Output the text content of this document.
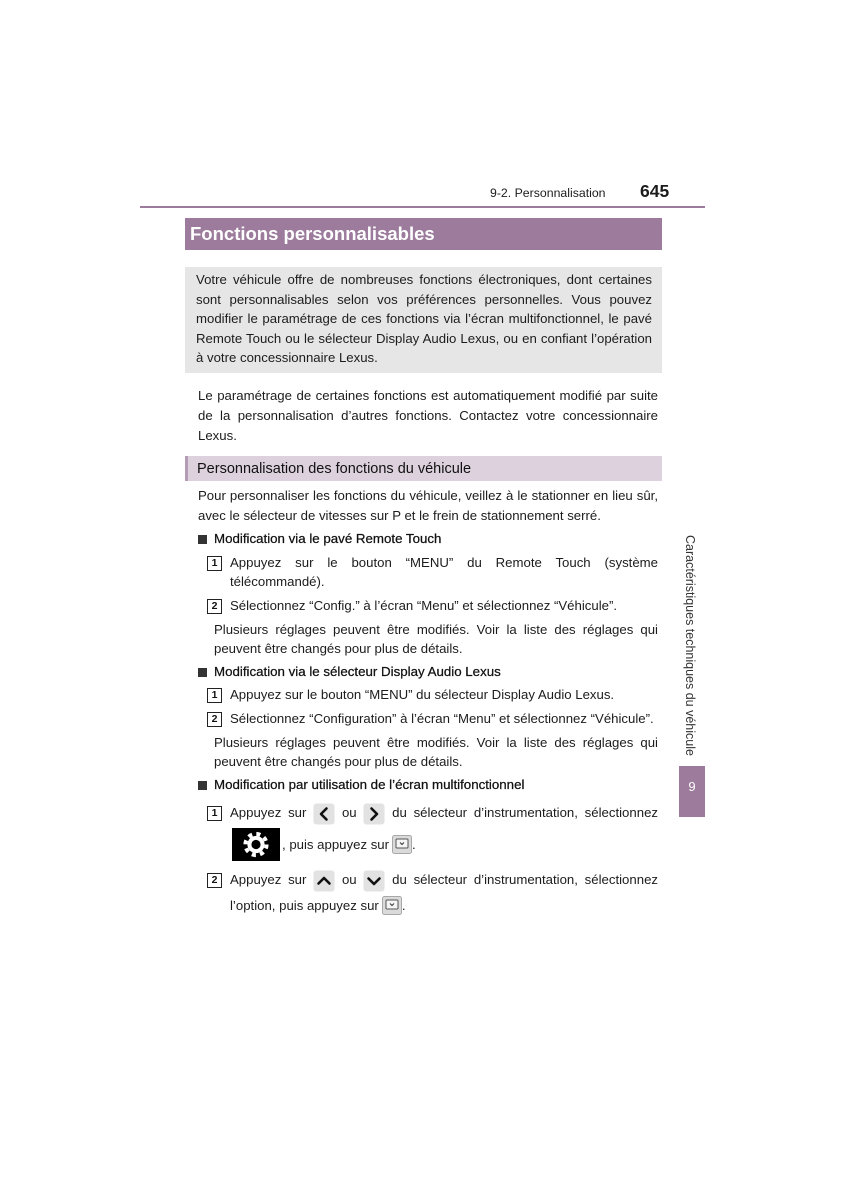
9-2. Personnalisation 645
Fonctions personnalisables
Votre véhicule offre de nombreuses fonctions électroniques, dont certaines
sont personnalisables selon vos préférences personnelles. Vous pouvez
modifier le paramétrage de ces fonctions via l’écran multifonctionnel, le pavé
Remote Touch ou le sélecteur Display Audio Lexus, ou en confiant l’opération
à votre concessionnaire Lexus.
Le paramétrage de certaines fonctions est automatiquement modifié par suite
de la personnalisation d’autres fonctions. Contactez votre concessionnaire
Lexus.
Personnalisation des fonctions du véhicule
Pour personnaliser les fonctions du véhicule, veillez à le stationner en lieu sûr,
avec le sélecteur de vitesses sur P et le frein de stationnement serré.
Modification via le pavé Remote Touch
1 Appuyez sur le bouton “MENU” du Remote Touch (système
télécommandé).
2 Sélectionnez “Config.” à l’écran “Menu” et sélectionnez “Véhicule”.
Plusieurs réglages peuvent être modifiés. Voir la liste des réglages qui
peuvent être changés pour plus de détails.
Modification via le sélecteur Display Audio Lexus
1 Appuyez sur le bouton “MENU” du sélecteur Display Audio Lexus.
2 Sélectionnez “Configuration” à l’écran “Menu” et sélectionnez “Véhicule”.
Plusieurs réglages peuvent être modifiés. Voir la liste des réglages qui
peuvent être changés pour plus de détails.
Modification par utilisation de l’écran multifonctionnel
1 Appuyez sur	ou	du sélecteur d’instrumentation, sélectionnez
, puis appuyez sur .
2 Appuyez sur	ou	du sélecteur d’instrumentation, sélectionnez
l’option, puis appuyez sur .
Caractéristiques techniques du véhicule
9
